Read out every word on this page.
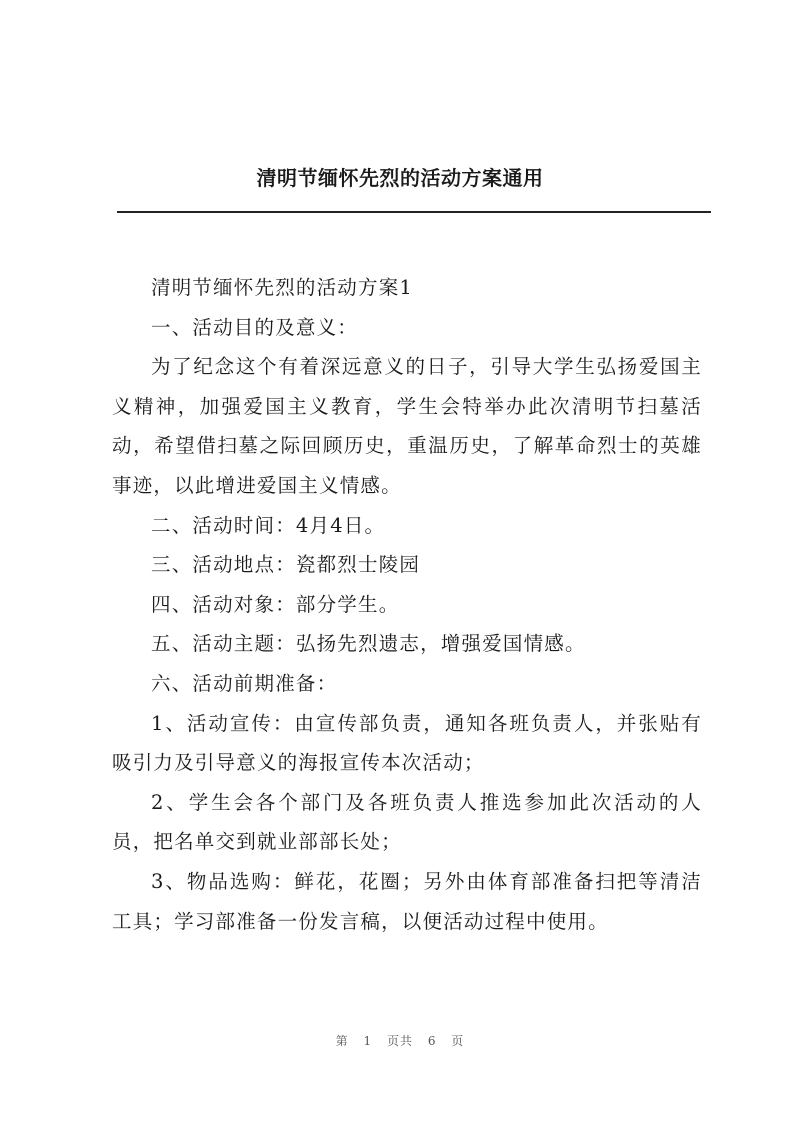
清明节缅怀先烈的活动方案通用

清明节缅怀先烈的活动方案1

一、活动目的及意义：

为了纪念这个有着深远意义的日子，引导大学生弘扬爱国主义精神，加强爱国主义教育，学生会特举办此次清明节扫墓活动，希望借扫墓之际回顾历史，重温历史，了解革命烈士的英雄事迹，以此增进爱国主义情感。

二、活动时间：4月4日。

三、活动地点：瓷都烈士陵园

四、活动对象：部分学生。

五、活动主题：弘扬先烈遗志，增强爱国情感。

六、活动前期准备：

1、活动宣传：由宣传部负责，通知各班负责人，并张贴有吸引力及引导意义的海报宣传本次活动；

2、学生会各个部门及各班负责人推选参加此次活动的人员，把名单交到就业部部长处；

3、物品选购：鲜花，花圈；另外由体育部准备扫把等清洁工具；学习部准备一份发言稿，以便活动过程中使用。

第 1 页共 6 页
